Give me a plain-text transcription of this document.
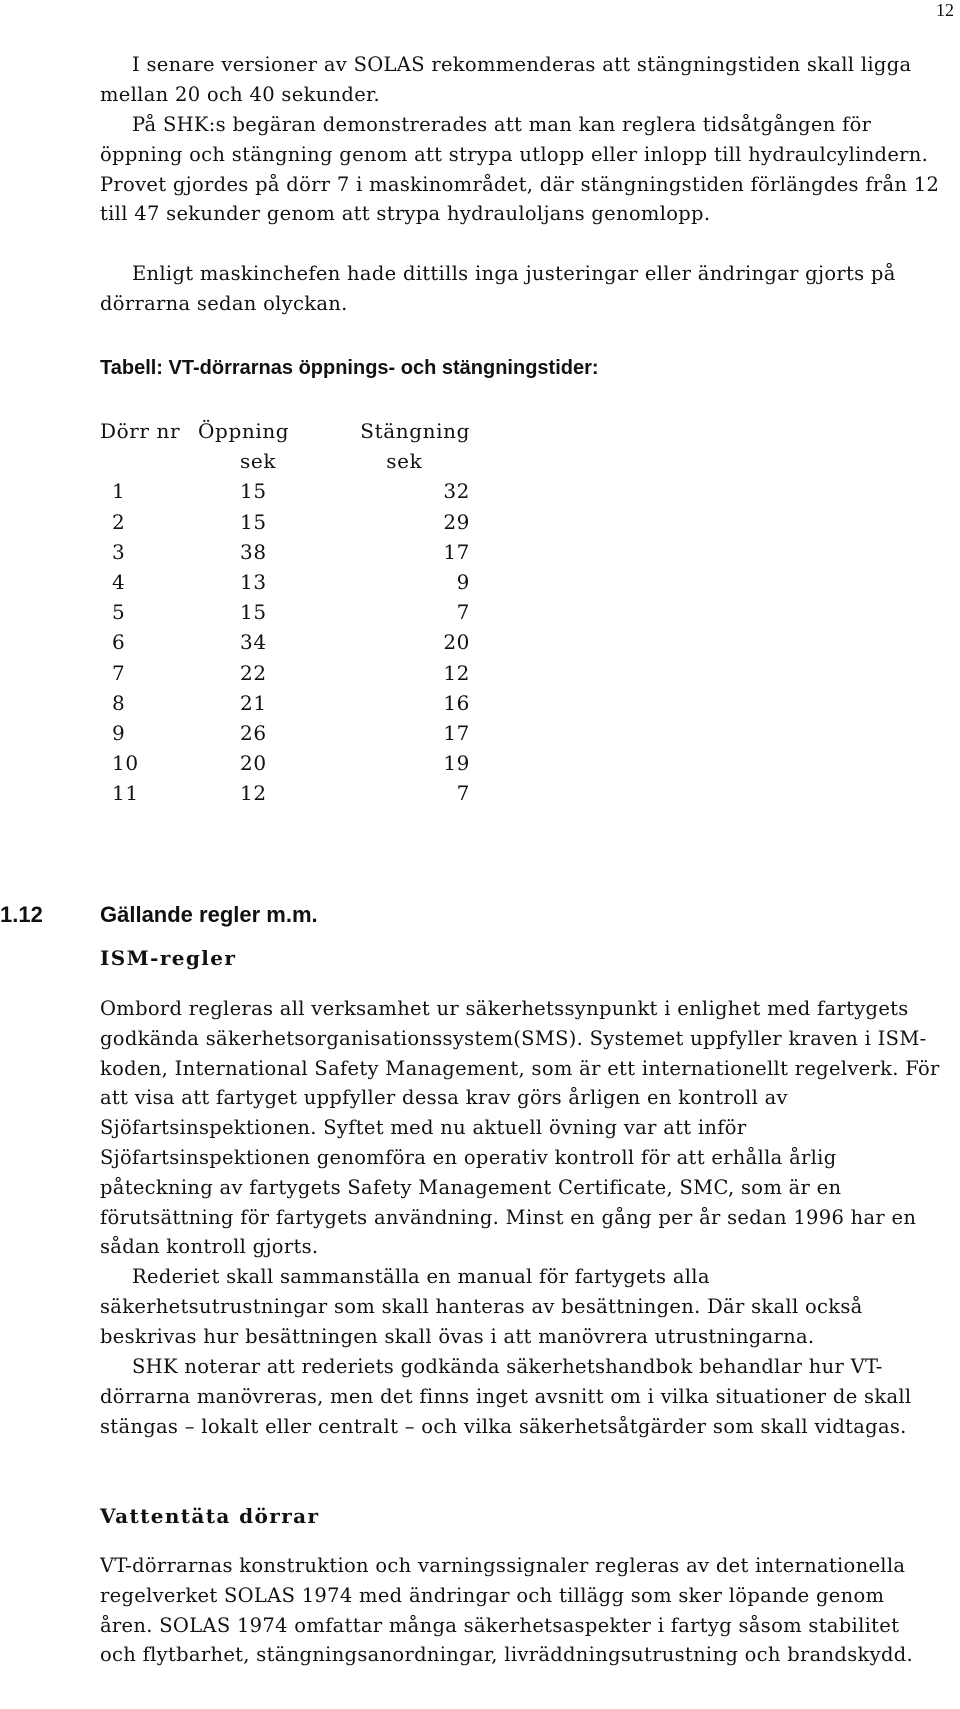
12

I senare versioner av SOLAS rekommenderas att stängningstiden skall ligga mellan 20 och 40 sekunder.

På SHK:s begäran demonstrerades att man kan reglera tidsåtgången för öppning och stängning genom att strypa utlopp eller inlopp till hydraulcylindern. Provet gjordes på dörr 7 i maskinområdet, där stängningstiden förlängdes från 12 till 47 sekunder genom att strypa hydrauloljans genomlopp.

Enligt maskinchefen hade dittills inga justeringar eller ändringar gjorts på dörrarna sedan olyckan.

Tabell: VT-dörrarnas öppnings- och stängningstider:

Dörr nr	Öppning	Stängning
	sek	sek
1	15	32
2	15	29
3	38	17
4	13	9
5	15	7
6	34	20
7	22	12
8	21	16
9	26	17
10	20	19
11	12	7
1.12	Gällande regler m.m.
ISM-regler

Ombord regleras all verksamhet ur säkerhetssynpunkt i enlighet med fartygets godkända säkerhetsorganisationssystem(SMS). Systemet uppfyller kraven i ISM-koden, International Safety Management, som är ett internationellt regelverk. För att visa att fartyget uppfyller dessa krav görs årligen en kontroll av Sjöfartsinspektionen. Syftet med nu aktuell övning var att inför Sjöfartsinspektionen genomföra en operativ kontroll för att erhålla årlig påteckning av fartygets Safety Management Certificate, SMC, som är en förutsättning för fartygets användning. Minst en gång per år sedan 1996 har en sådan kontroll gjorts.

Rederiet skall sammanställa en manual för fartygets alla säkerhetsutrustningar som skall hanteras av besättningen. Där skall också beskrivas hur besättningen skall övas i att manövrera utrustningarna.

SHK noterar att rederiets godkända säkerhetshandbok behandlar hur VT-dörrarna manövreras, men det finns inget avsnitt om i vilka situationer de skall stängas – lokalt eller centralt – och vilka säkerhetsåtgärder som skall vidtagas.

Vattentäta dörrar

VT-dörrarnas konstruktion och varningssignaler regleras av det internationella regelverket SOLAS 1974 med ändringar och tillägg som sker löpande genom åren. SOLAS 1974 omfattar många säkerhetsaspekter i fartyg såsom stabilitet och flytbarhet, stängningsanordningar, livräddningsutrustning och brandskydd.
